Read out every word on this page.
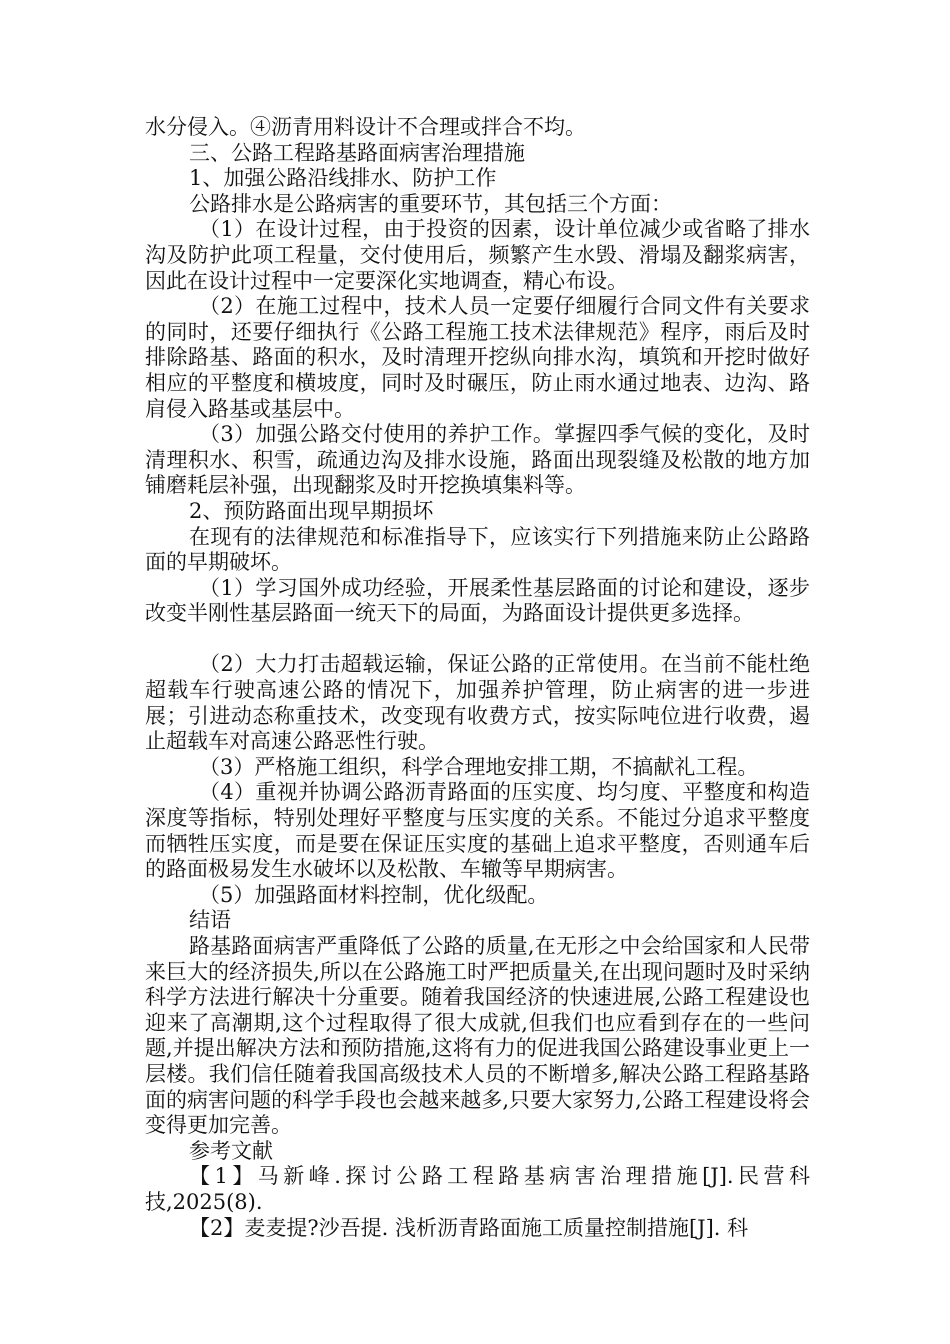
水分侵入。④沥青用料设计不合理或拌合不均。

三、公路工程路基路面病害治理措施

1、加强公路沿线排水、防护工作

公路排水是公路病害的重要环节，其包括三个方面：

（1）在设计过程，由于投资的因素，设计单位减少或省略了排水沟及防护此项工程量，交付使用后，频繁产生水毁、滑塌及翻浆病害，因此在设计过程中一定要深化实地调查，精心布设。

（2）在施工过程中，技术人员一定要仔细履行合同文件有关要求的同时，还要仔细执行《公路工程施工技术法律规范》程序，雨后及时排除路基、路面的积水，及时清理开挖纵向排水沟，填筑和开挖时做好相应的平整度和横坡度，同时及时碾压，防止雨水通过地表、边沟、路肩侵入路基或基层中。

（3）加强公路交付使用的养护工作。掌握四季气候的变化，及时清理积水、积雪，疏通边沟及排水设施，路面出现裂缝及松散的地方加铺磨耗层补强，出现翻浆及时开挖换填集料等。

2、预防路面出现早期损坏

在现有的法律规范和标准指导下，应该实行下列措施来防止公路路面的早期破坏。

（1）学习国外成功经验，开展柔性基层路面的讨论和建设，逐步改变半刚性基层路面一统天下的局面，为路面设计提供更多选择。

（2）大力打击超载运输，保证公路的正常使用。在当前不能杜绝超载车行驶高速公路的情况下，加强养护管理，防止病害的进一步进展；引进动态称重技术，改变现有收费方式，按实际吨位进行收费，遏止超载车对高速公路恶性行驶。

（3）严格施工组织，科学合理地安排工期，不搞献礼工程。

（4）重视并协调公路沥青路面的压实度、均匀度、平整度和构造深度等指标，特别处理好平整度与压实度的关系。不能过分追求平整度而牺牲压实度，而是要在保证压实度的基础上追求平整度，否则通车后的路面极易发生水破坏以及松散、车辙等早期病害。

（5）加强路面材料控制，优化级配。

结语

路基路面病害严重降低了公路的质量,在无形之中会给国家和人民带来巨大的经济损失,所以在公路施工时严把质量关,在出现问题时及时采纳科学方法进行解决十分重要。随着我国经济的快速进展,公路工程建设也迎来了高潮期,这个过程取得了很大成就,但我们也应看到存在的一些问题,并提出解决方法和预防措施,这将有力的促进我国公路建设事业更上一层楼。我们信任随着我国高级技术人员的不断增多,解决公路工程路基路面的病害问题的科学手段也会越来越多,只要大家努力,公路工程建设将会变得更加完善。

参考文献

【1】马新峰.探讨公路工程路基病害治理措施[J].民营科技,2025(8).

【2】麦麦提?沙吾提. 浅析沥青路面施工质量控制措施[J]. 科
